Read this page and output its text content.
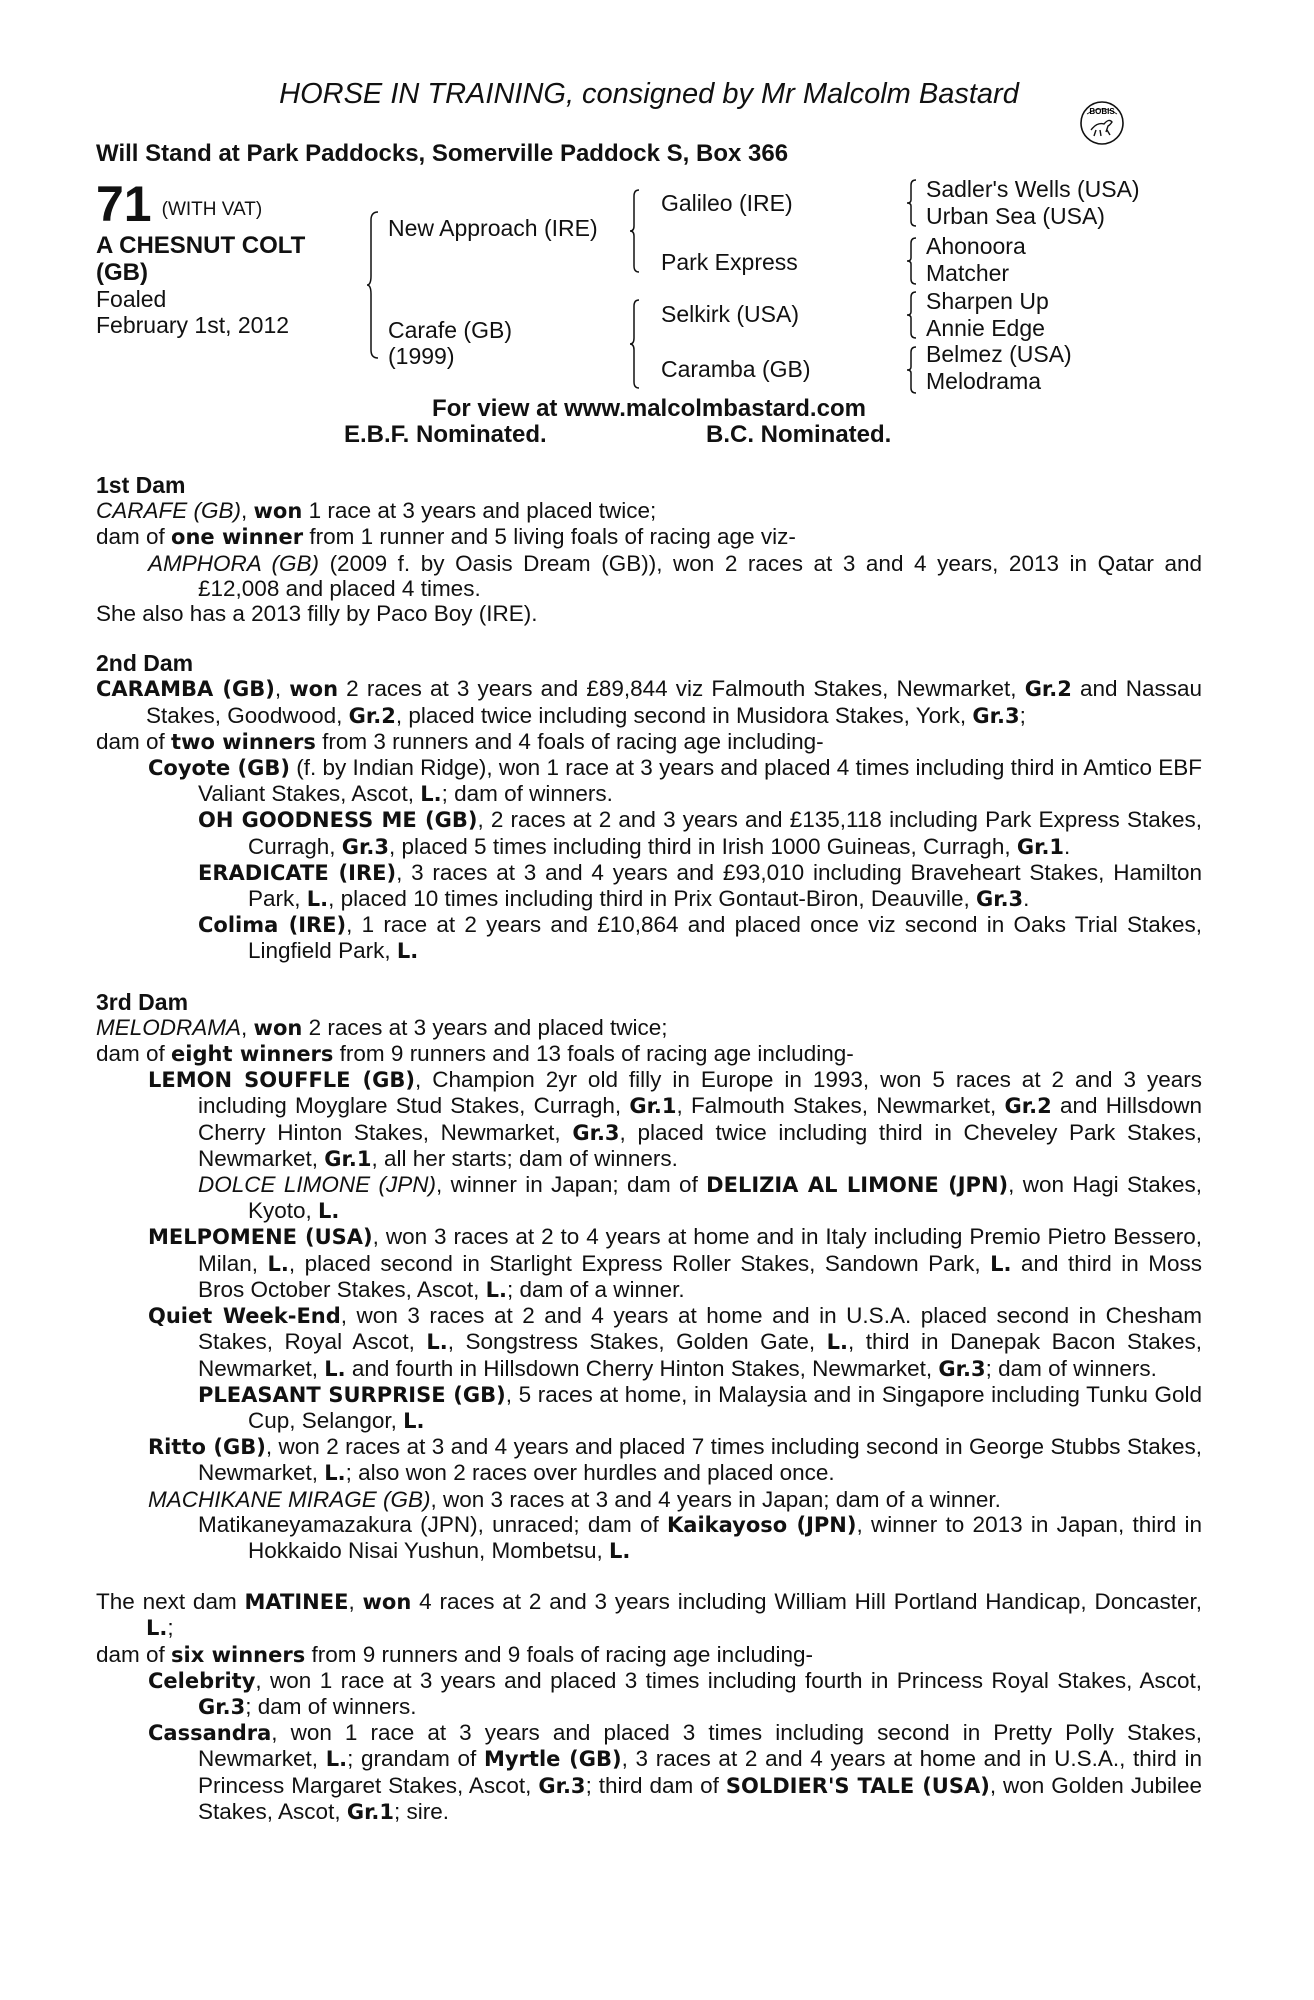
HORSE IN TRAINING, consigned by Mr Malcolm Bastard
BOBIS
Will Stand at Park Paddocks, Somerville Paddock S, Box 366
71 (WITH VAT)
A CHESNUT COLT
(GB)
Foaled
February 1st, 2012
New Approach (IRE)
Carafe (GB)
(1999)
Galileo (IRE)
Park Express
Selkirk (USA)
Caramba (GB)
Sadler's Wells (USA)
Urban Sea (USA)
Ahonoora
Matcher
Sharpen Up
Annie Edge
Belmez (USA)
Melodrama
For view at www.malcolmbastard.com
E.B.F. Nominated.	B.C. Nominated.
1st Dam

CARAFE (GB), won 1 race at 3 years and placed twice;

dam of one winner from 1 runner and 5 living foals of racing age viz-

AMPHORA (GB) (2009 f. by Oasis Dream (GB)), won 2 races at 3 and 4 years, 2013 in Qatar and £12,008 and placed 4 times.

She also has a 2013 filly by Paco Boy (IRE).

2nd Dam

CARAMBA (GB), won 2 races at 3 years and £89,844 viz Falmouth Stakes, Newmarket, Gr.2 and Nassau Stakes, Goodwood, Gr.2, placed twice including second in Musidora Stakes, York, Gr.3;

dam of two winners from 3 runners and 4 foals of racing age including-

Coyote (GB) (f. by Indian Ridge), won 1 race at 3 years and placed 4 times including third in Amtico EBF Valiant Stakes, Ascot, L.; dam of winners.

OH GOODNESS ME (GB), 2 races at 2 and 3 years and £135,118 including Park Express Stakes, Curragh, Gr.3, placed 5 times including third in Irish 1000 Guineas, Curragh, Gr.1.

ERADICATE (IRE), 3 races at 3 and 4 years and £93,010 including Braveheart Stakes, Hamilton Park, L., placed 10 times including third in Prix Gontaut-Biron, Deauville, Gr.3.

Colima (IRE), 1 race at 2 years and £10,864 and placed once viz second in Oaks Trial Stakes, Lingfield Park, L.

3rd Dam

MELODRAMA, won 2 races at 3 years and placed twice;

dam of eight winners from 9 runners and 13 foals of racing age including-

LEMON SOUFFLE (GB), Champion 2yr old filly in Europe in 1993, won 5 races at 2 and 3 years including Moyglare Stud Stakes, Curragh, Gr.1, Falmouth Stakes, Newmarket, Gr.2 and Hillsdown Cherry Hinton Stakes, Newmarket, Gr.3, placed twice including third in Cheveley Park Stakes, Newmarket, Gr.1, all her starts; dam of winners.

DOLCE LIMONE (JPN), winner in Japan; dam of DELIZIA AL LIMONE (JPN), won Hagi Stakes, Kyoto, L.

MELPOMENE (USA), won 3 races at 2 to 4 years at home and in Italy including Premio Pietro Bessero, Milan, L., placed second in Starlight Express Roller Stakes, Sandown Park, L. and third in Moss Bros October Stakes, Ascot, L.; dam of a winner.

Quiet Week-End, won 3 races at 2 and 4 years at home and in U.S.A. placed second in Chesham Stakes, Royal Ascot, L., Songstress Stakes, Golden Gate, L., third in Danepak Bacon Stakes, Newmarket, L. and fourth in Hillsdown Cherry Hinton Stakes, Newmarket, Gr.3; dam of winners.

PLEASANT SURPRISE (GB), 5 races at home, in Malaysia and in Singapore including Tunku Gold Cup, Selangor, L.

Ritto (GB), won 2 races at 3 and 4 years and placed 7 times including second in George Stubbs Stakes, Newmarket, L.; also won 2 races over hurdles and placed once.

MACHIKANE MIRAGE (GB), won 3 races at 3 and 4 years in Japan; dam of a winner.

Matikaneyamazakura (JPN), unraced; dam of Kaikayoso (JPN), winner to 2013 in Japan, third in Hokkaido Nisai Yushun, Mombetsu, L.

The next dam MATINEE, won 4 races at 2 and 3 years including William Hill Portland Handicap, Doncaster, L.;

dam of six winners from 9 runners and 9 foals of racing age including-

Celebrity, won 1 race at 3 years and placed 3 times including fourth in Princess Royal Stakes, Ascot, Gr.3; dam of winners.

Cassandra, won 1 race at 3 years and placed 3 times including second in Pretty Polly Stakes, Newmarket, L.; grandam of Myrtle (GB), 3 races at 2 and 4 years at home and in U.S.A., third in Princess Margaret Stakes, Ascot, Gr.3; third dam of SOLDIER'S TALE (USA), won Golden Jubilee Stakes, Ascot, Gr.1; sire.
